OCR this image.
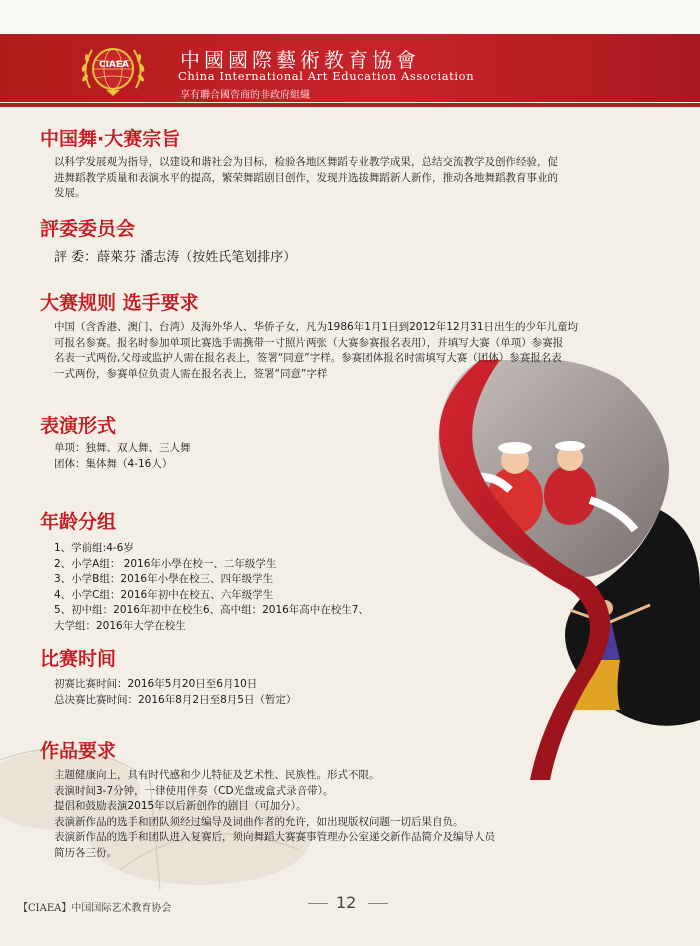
CIAEA	中國國際藝術教育協會
China International Art Education Association
享有聯合國咨商的非政府組織
中国舞·大赛宗旨

以科学发展观为指导，以建设和谐社会为目标，检验各地区舞蹈专业教学成果，总结交流教学及创作经验，促

进舞蹈教学质量和表演水平的提高，繁荣舞蹈剧目创作，发现并选拔舞蹈新人新作，推动各地舞蹈教育事业的

发展。

評委委员会
評 委：薛萊芬 潘志涛（按姓氏笔划排序）
大赛规则 选手要求

中国（含香港、澳门、台湾）及海外华人、华侨子女，凡为1986年1月1日到2012年12月31日出生的少年儿童均

可报名参赛。报名时参加单项比赛选手需携带一寸照片两张（大赛参赛报名表用），并填写大赛（单项）参赛报

名表一式两份,父母或监护人需在报名表上，签署“同意”字样。参赛团体报名时需填写大赛（团体）参赛报名表

一式两份，参赛单位负责人需在报名表上，签署“同意”字样

表演形式

单项：独舞、双人舞、三人舞

团体：集体舞（4-16人）

年龄分组

1、学前组:4-6岁

2、小学A组： 2016年小學在校一、二年级学生

3、小学B组：2016年小學在校三、四年级学生

4、小学C组：2016年初中在校五、六年级学生

5、初中组：2016年初中在校生6、高中组：2016年高中在校生7、

大学组：2016年大学在校生

比赛时间

初赛比赛时间：2016年5月20日至6月10日

总决赛比赛时间：2016年8月2日至8月5日（暂定）

作品要求

主题健康向上，具有时代感和少儿特征及艺术性、民族性。形式不限。

表演时间3-7分钟，一律使用伴奏（CD光盘或盒式录音带）。

提倡和鼓励表演2015年以后新创作的剧目（可加分）。

表演新作品的选手和团队须经过编导及词曲作者的允许，如出现版权问题一切后果自负。

表演新作品的选手和团队进入复赛后，须向舞蹈大赛赛事管理办公室递交新作品简介及编导人员

简历各三份。

【CIAEA】中国国际艺术教育协会	12
